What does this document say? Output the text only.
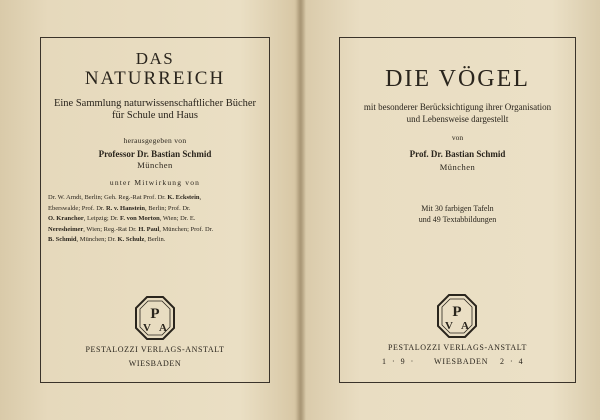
DAS
NATURREICH
Eine Sammlung naturwissenschaftlicher Bücher
für Schule und Haus
herausgegeben von
Professor Dr. Bastian Schmid
München
unter Mitwirkung von
Dr. W. Arndt, Berlin; Geh. Reg.-Rat Prof. Dr. K. Eckstein,
Eberswalde; Prof. Dr. R. v. Hanstein, Berlin; Prof. Dr.
O. Kranchor, Leipzig; Dr. F. von Morton, Wien; Dr. E.
Neresheimer, Wien; Reg.-Rat Dr. H. Paul, München; Prof. Dr.
B. Schmid, München; Dr. K. Schulz, Berlin.
P
V A
PESTALOZZI VERLAGS-ANSTALT
WIESBADEN
DIE VÖGEL
mit besonderer Berücksichtigung ihrer Organisation
und Lebensweise dargestellt
von
Prof. Dr. Bastian Schmid
München
Mit 30 farbigen Tafeln
und 49 Textabbildungen
P
V A
PESTALOZZI VERLAGS-ANSTALT
1 · 9 · WIESBADEN 2 · 4
